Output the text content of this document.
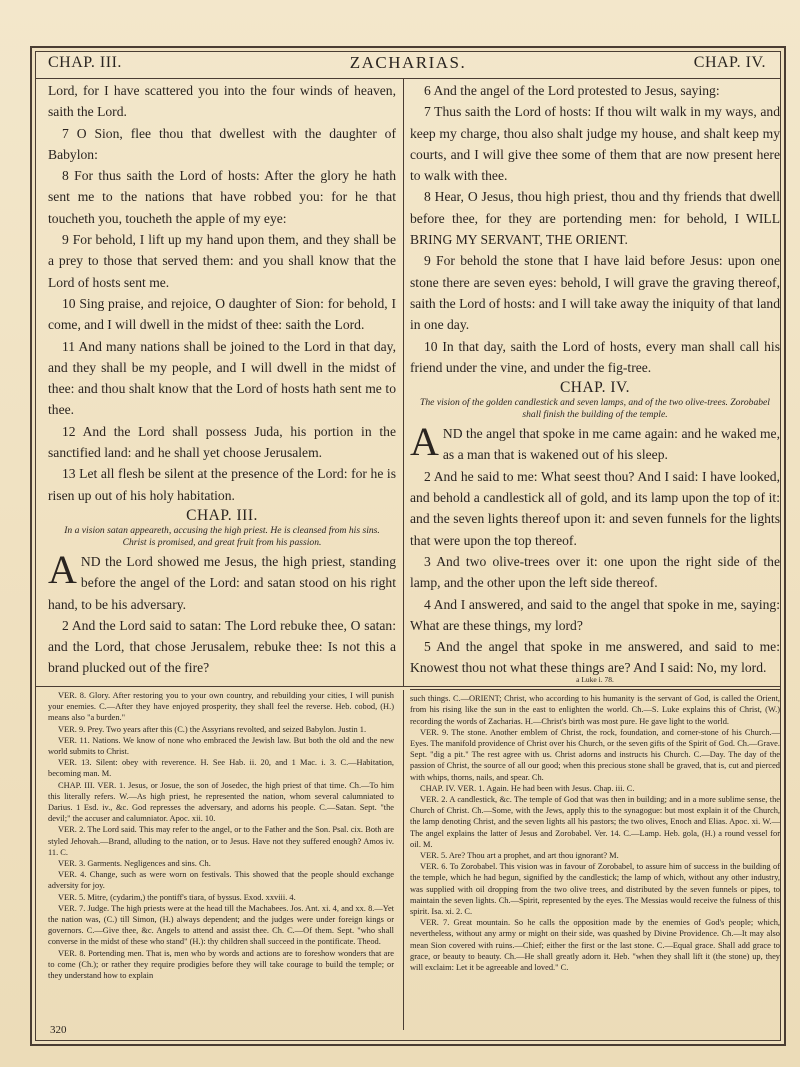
CHAP. III.	ZACHARIAS.	CHAP. IV.

Lord, for I have scattered you into the four winds of heaven, saith the Lord.

7 O Sion, flee thou that dwellest with the daughter of Babylon:

8 For thus saith the Lord of hosts: After the glory he hath sent me to the nations that have robbed you: for he that toucheth you, toucheth the apple of my eye:

9 For behold, I lift up my hand upon them, and they shall be a prey to those that served them: and you shall know that the Lord of hosts sent me.

10 Sing praise, and rejoice, O daughter of Sion: for behold, I come, and I will dwell in the midst of thee: saith the Lord.

11 And many nations shall be joined to the Lord in that day, and they shall be my people, and I will dwell in the midst of thee: and thou shalt know that the Lord of hosts hath sent me to thee.

12 And the Lord shall possess Juda, his portion in the sanctified land: and he shall yet choose Jerusalem.

13 Let all flesh be silent at the presence of the Lord: for he is risen up out of his holy habitation.

CHAP. III.
In a vision satan appeareth, accusing the high priest. He is cleansed from his sins. Christ is promised, and great fruit from his passion.

AND the Lord showed me Jesus, the high priest, standing before the angel of the Lord: and satan stood on his right hand, to be his adversary.

2 And the Lord said to satan: The Lord rebuke thee, O satan: and the Lord, that chose Jerusalem, rebuke thee: Is not this a brand plucked out of the fire?

6 And the angel of the Lord protested to Jesus, saying:

7 Thus saith the Lord of hosts: If thou wilt walk in my ways, and keep my charge, thou also shalt judge my house, and shalt keep my courts, and I will give thee some of them that are now present here to walk with thee.

8 Hear, O Jesus, thou high priest, thou and thy friends that dwell before thee, for they are portending men: for behold, I WILL BRING MY SERVANT, THE ORIENT.

9 For behold the stone that I have laid before Jesus: upon one stone there are seven eyes: behold, I will grave the graving thereof, saith the Lord of hosts: and I will take away the iniquity of that land in one day.

10 In that day, saith the Lord of hosts, every man shall call his friend under the vine, and under the fig-tree.

CHAP. IV.
The vision of the golden candlestick and seven lamps, and of the two olive-trees. Zorobabel shall finish the building of the temple.

AND the angel that spoke in me came again: and he waked me, as a man that is wakened out of his sleep.

2 And he said to me: What seest thou? And I said: I have looked, and behold a candlestick all of gold, and its lamp upon the top of it: and the seven lights thereof upon it: and seven funnels for the lights that were upon the top thereof.

3 And two olive-trees over it: one upon the right side of the lamp, and the other upon the left side thereof.

4 And I answered, and said to the angel that spoke in me, saying: What are these things, my lord?

5 And the angel that spoke in me answered, and said to me: Knowest thou not what these things are? And I said: No, my lord.

VER. 8. Glory. After restoring you to your own country, and rebuilding your cities, I will punish your enemies. C.—After they have enjoyed prosperity, they shall feel the reverse. Heb. cobod, (H.) means also "a burden."

VER. 9. Prey. Two years after this (C.) the Assyrians revolted, and seized Babylon. Justin 1.

VER. 11. Nations. We know of none who embraced the Jewish law. But both the old and the new world submits to Christ.

VER. 13. Silent: obey with reverence. H. See Hab. ii. 20, and 1 Mac. i. 3. C.—Habitation, becoming man. M.

CHAP. III. VER. 1. Jesus, or Josue, the son of Josedec, the high priest of that time. Ch.—To him this literally refers. W.—As high priest, he represented the nation, whom several calumniated to Darius. 1 Esd. iv., &c. God represses the adversary, and adorns his people. C.—Satan. Sept. "the devil;" the accuser and calumniator. Apoc. xii. 10.

VER. 2. The Lord said. This may refer to the angel, or to the Father and the Son. Psal. cix. Both are styled Jehovah.—Brand, alluding to the nation, or to Jesus. Have not they suffered enough? Amos iv. 11. C.

VER. 3. Garments. Negligences and sins. Ch.

VER. 4. Change, such as were worn on festivals. This showed that the people should exchange adversity for joy.

VER. 5. Mitre, (cydarim,) the pontiff's tiara, of byssus. Exod. xxviii. 4.

VER. 7. Judge. The high priests were at the head till the Machabees. Jos. Ant. xi. 4, and xx. 8.—Yet the nation was, (C.) till Simon, (H.) always dependent; and the judges were under foreign kings or governors. C.—Give thee, &c. Angels to attend and assist thee. Ch. C.—Of them. Sept. "who shall converse in the midst of these who stand" (H.): thy children shall succeed in the pontificate. Theod.

VER. 8. Portending men. That is, men who by words and actions are to foreshow wonders that are to come (Ch.); or rather they require prodigies before they will take courage to build the temple; or they understand how to explain

a Luke i. 78.

such things. C.—ORIENT; Christ, who according to his humanity is the servant of God, is called the Orient, from his rising like the sun in the east to enlighten the world. Ch.—S. Luke explains this of Christ, (W.) recording the words of Zacharias. H.—Christ's birth was most pure. He gave light to the world.

VER. 9. The stone. Another emblem of Christ, the rock, foundation, and corner-stone of his Church.—Eyes. The manifold providence of Christ over his Church, or the seven gifts of the Spirit of God. Ch.—Grave. Sept. "dig a pit." The rest agree with us. Christ adorns and instructs his Church. C.—Day. The day of the passion of Christ, the source of all our good; when this precious stone shall be graved, that is, cut and pierced with whips, thorns, nails, and spear. Ch.

CHAP. IV. VER. 1. Again. He had been with Jesus. Chap. iii. C.

VER. 2. A candlestick, &c. The temple of God that was then in building; and in a more sublime sense, the Church of Christ. Ch.—Some, with the Jews, apply this to the synagogue: but most explain it of the Church, the lamp denoting Christ, and the seven lights all his pastors; the two olives, Enoch and Elias. Apoc. xi. W.—The angel explains the latter of Jesus and Zorobabel. Ver. 14. C.—Lamp. Heb. gola, (H.) a round vessel for oil. M.

VER. 5. Are? Thou art a prophet, and art thou ignorant? M.

VER. 6. To Zorobabel. This vision was in favour of Zorobabel, to assure him of success in the building of the temple, which he had begun, signified by the candlestick; the lamp of which, without any other industry, was supplied with oil dropping from the two olive trees, and distributed by the seven funnels or pipes, to maintain the seven lights. Ch.—Spirit, represented by the eyes. The Messias would receive the fulness of this spirit. Isa. xi. 2. C.

VER. 7. Great mountain. So he calls the opposition made by the enemies of God's people; which, nevertheless, without any army or might on their side, was quashed by Divine Providence. Ch.—It may also mean Sion covered with ruins.—Chief; either the first or the last stone. C.—Equal grace. Shall add grace to grace, or beauty to beauty. Ch.—He shall greatly adorn it. Heb. "when they shall lift it (the stone) up, they will exclaim: Let it be agreeable and loved." C.

320
